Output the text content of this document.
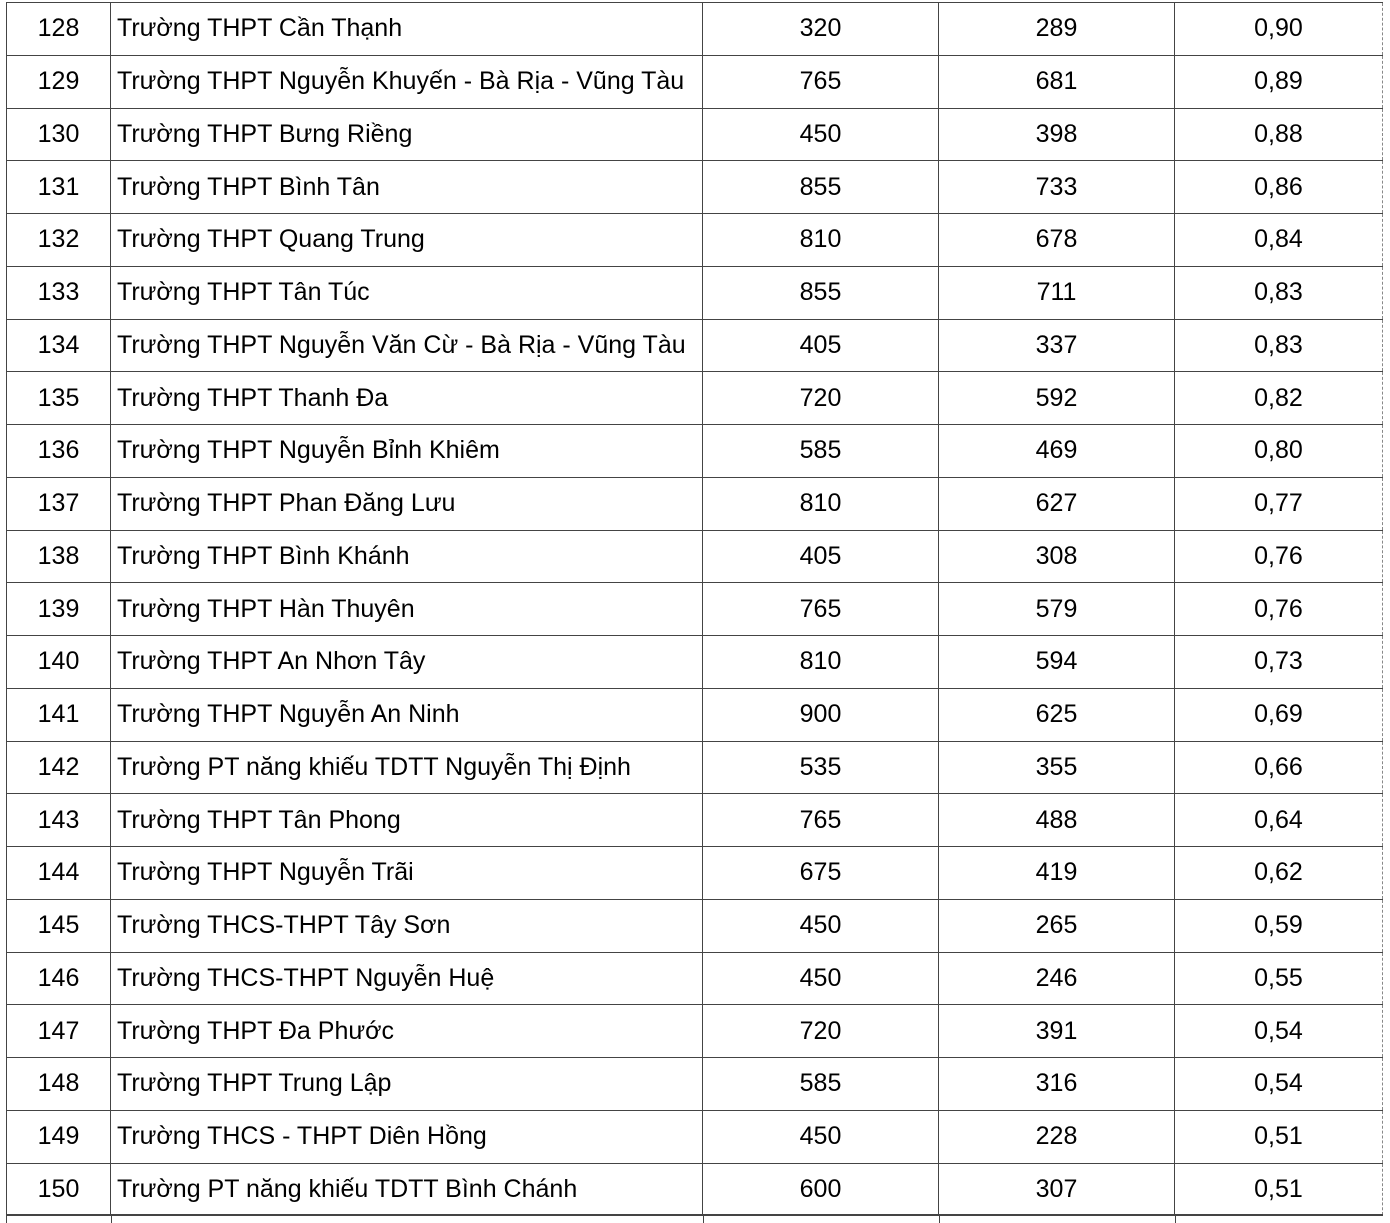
128	Trường THPT Cần Thạnh	320	289	0,90
129	Trường THPT Nguyễn Khuyến - Bà Rịa - Vũng Tàu	765	681	0,89
130	Trường THPT Bưng Riềng	450	398	0,88
131	Trường THPT Bình Tân	855	733	0,86
132	Trường THPT Quang Trung	810	678	0,84
133	Trường THPT Tân Túc	855	711	0,83
134	Trường THPT Nguyễn Văn Cừ - Bà Rịa - Vũng Tàu	405	337	0,83
135	Trường THPT Thanh Đa	720	592	0,82
136	Trường THPT Nguyễn Bỉnh Khiêm	585	469	0,80
137	Trường THPT Phan Đăng Lưu	810	627	0,77
138	Trường THPT Bình Khánh	405	308	0,76
139	Trường THPT Hàn Thuyên	765	579	0,76
140	Trường THPT An Nhơn Tây	810	594	0,73
141	Trường THPT Nguyễn An Ninh	900	625	0,69
142	Trường PT năng khiếu TDTT Nguyễn Thị Định	535	355	0,66
143	Trường THPT Tân Phong	765	488	0,64
144	Trường THPT Nguyễn Trãi	675	419	0,62
145	Trường THCS-THPT Tây Sơn	450	265	0,59
146	Trường THCS-THPT Nguyễn Huệ	450	246	0,55
147	Trường THPT Đa Phước	720	391	0,54
148	Trường THPT Trung Lập	585	316	0,54
149	Trường THCS - THPT Diên Hồng	450	228	0,51
150	Trường PT năng khiếu TDTT Bình Chánh	600	307	0,51
